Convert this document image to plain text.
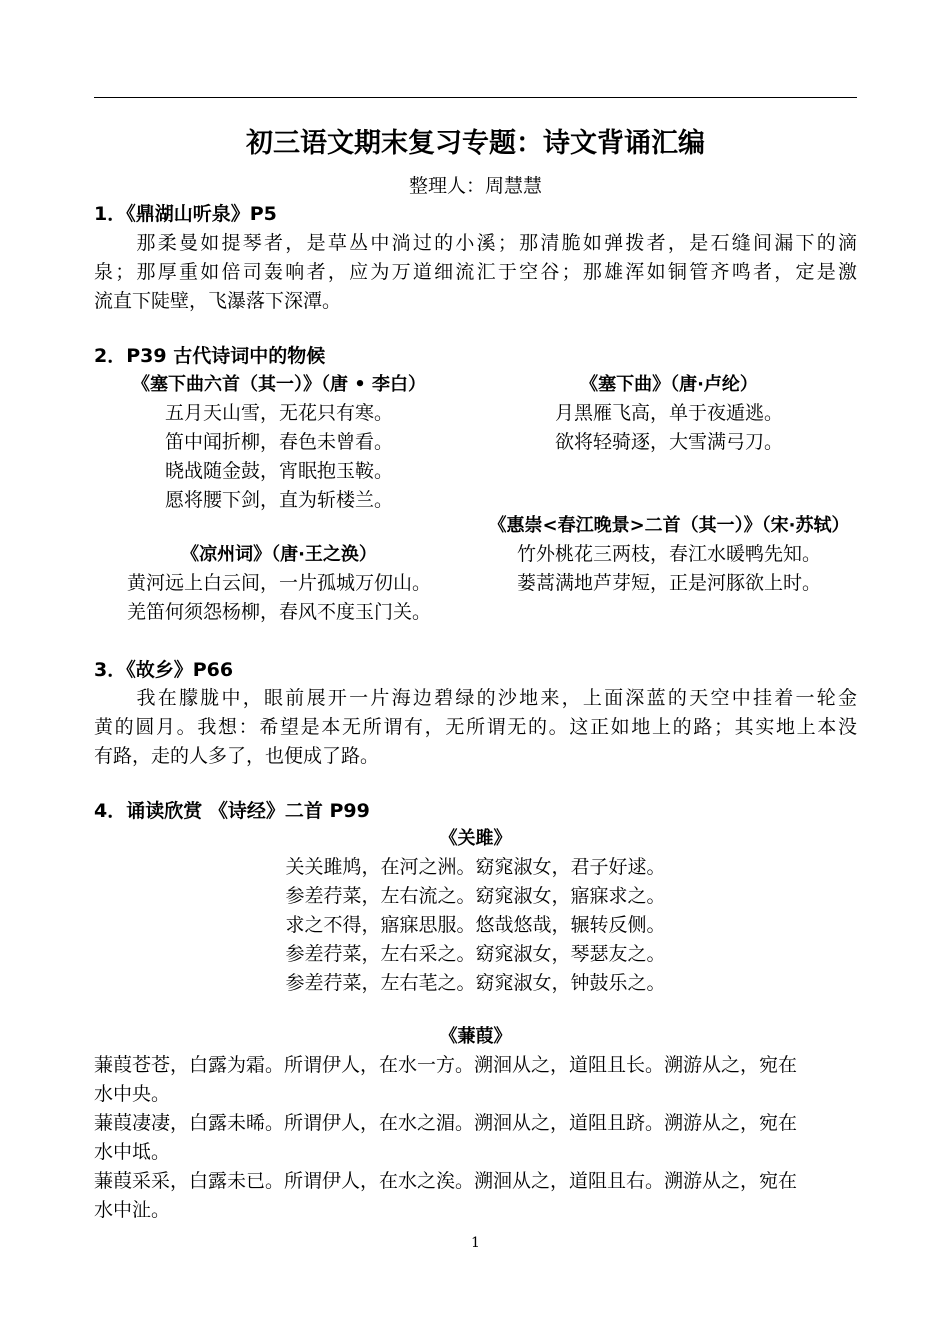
初三语文期末复习专题：诗文背诵汇编
整理人：周慧慧
1．《鼎湖山听泉》P5
　　那柔曼如提琴者，是草丛中淌过的小溪；那清脆如弹拨者，是石缝间漏下的滴
泉；那厚重如倍司轰响者，应为万道细流汇于空谷；那雄浑如铜管齐鸣者，定是激
流直下陡壁，飞瀑落下深潭。
2．P39 古代诗词中的物候
《塞下曲六首（其一）》（唐 • 李白）
五月天山雪，无花只有寒。
笛中闻折柳，春色未曾看。
晓战随金鼓，宵眠抱玉鞍。
愿将腰下剑，直为斩楼兰。
《塞下曲》（唐·卢纶）
月黑雁飞高，单于夜遁逃。
欲将轻骑逐，大雪满弓刀。
《凉州词》（唐·王之涣）
黄河远上白云间，一片孤城万仞山。
羌笛何须怨杨柳，春风不度玉门关。
《惠崇<春江晚景>二首（其一）》（宋·苏轼）
竹外桃花三两枝，春江水暖鸭先知。
蒌蒿满地芦芽短，正是河豚欲上时。
3．《故乡》P66
　　我在朦胧中，眼前展开一片海边碧绿的沙地来，上面深蓝的天空中挂着一轮金
黄的圆月。我想：希望是本无所谓有，无所谓无的。这正如地上的路；其实地上本没
有路，走的人多了，也便成了路。
4．诵读欣赏 《诗经》二首 P99
《关雎》
关关雎鸠，在河之洲。窈窕淑女，君子好逑。
参差荇菜，左右流之。窈窕淑女，寤寐求之。
求之不得，寤寐思服。悠哉悠哉，辗转反侧。
参差荇菜，左右采之。窈窕淑女，琴瑟友之。
参差荇菜，左右芼之。窈窕淑女，钟鼓乐之。
《蒹葭》
蒹葭苍苍，白露为霜。所谓伊人，在水一方。溯洄从之，道阻且长。溯游从之，宛在
水中央。
蒹葭凄凄，白露未晞。所谓伊人，在水之湄。溯洄从之，道阻且跻。溯游从之，宛在
水中坻。
蒹葭采采，白露未已。所谓伊人，在水之涘。溯洄从之，道阻且右。溯游从之，宛在
水中沚。
1
